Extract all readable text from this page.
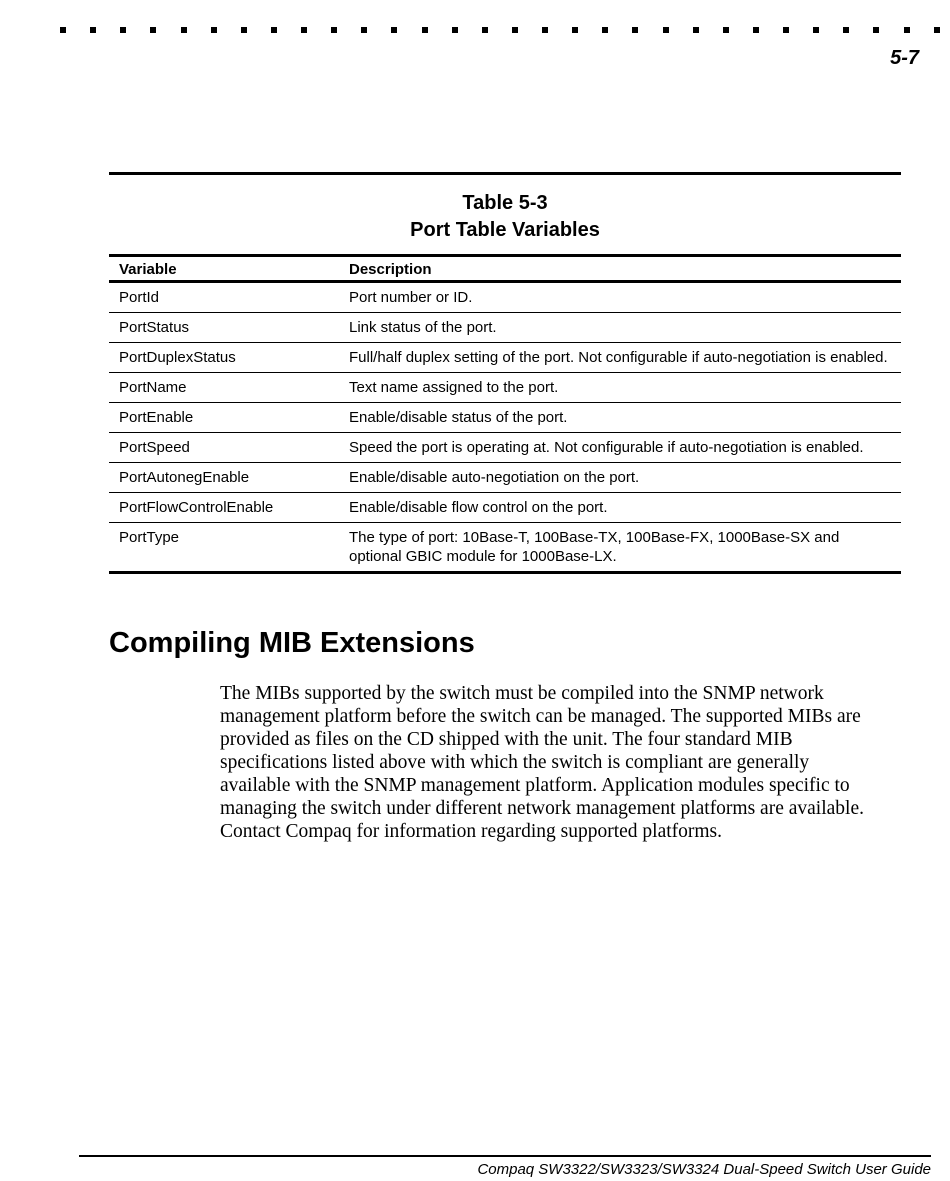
5-7
Table 5-3
Port Table Variables
Variable	Description
PortId	Port number or ID.
PortStatus	Link status of the port.
PortDuplexStatus	Full/half duplex setting of the port. Not configurable if auto-negotiation is enabled.
PortName	Text name assigned to the port.
PortEnable	Enable/disable status of the port.
PortSpeed	Speed the port is operating at. Not configurable if auto-negotiation is enabled.
PortAutonegEnable	Enable/disable auto-negotiation on the port.
PortFlowControlEnable	Enable/disable flow control on the port.
PortType	The type of port: 10Base-T, 100Base-TX, 100Base-FX, 1000Base-SX and optional GBIC module for 1000Base-LX.
Compiling MIB Extensions

The MIBs supported by the switch must be compiled into the SNMP network management platform before the switch can be managed. The supported MIBs are provided as files on the CD shipped with the unit. The four standard MIB specifications listed above with which the switch is compliant are generally available with the SNMP management platform. Application modules specific to managing the switch under different network management platforms are available. Contact Compaq for information regarding supported platforms.

Compaq SW3322/SW3323/SW3324 Dual-Speed Switch User Guide
